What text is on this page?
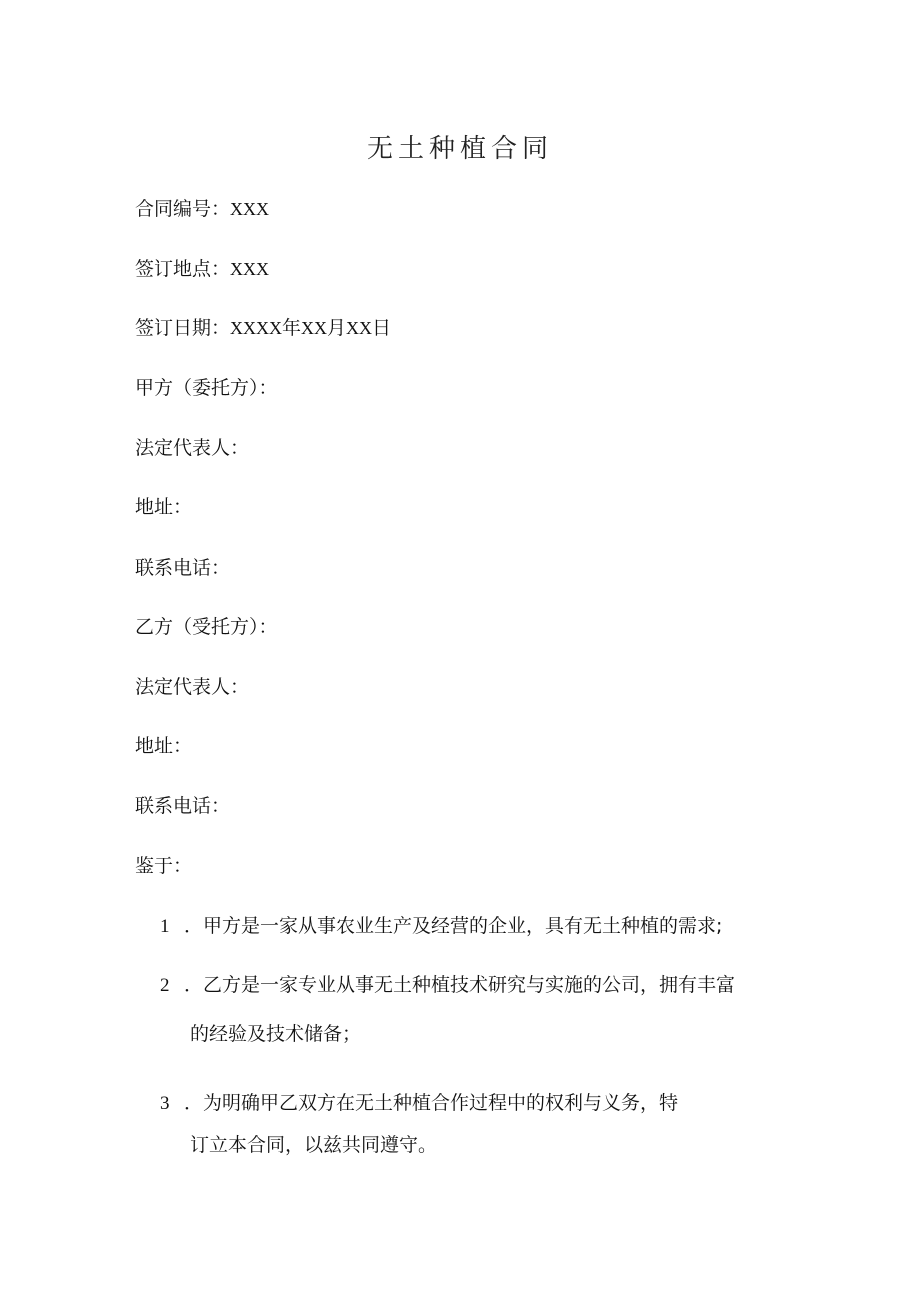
无土种植合同
合同编号：XXX
签订地点：XXX
签订日期：XXXX年XX月XX日
甲方（委托方）：
法定代表人：
地址：
联系电话：
乙方（受托方）：
法定代表人：
地址：
联系电话：
鉴于：
1 ．甲方是一家从事农业生产及经营的企业，具有无土种植的需求;
2 ．乙方是一家专业从事无土种植技术研究与实施的公司，拥有丰富
的经验及技术储备；
3 ．为明确甲乙双方在无土种植合作过程中的权利与义务，特
订立本合同，以兹共同遵守。
